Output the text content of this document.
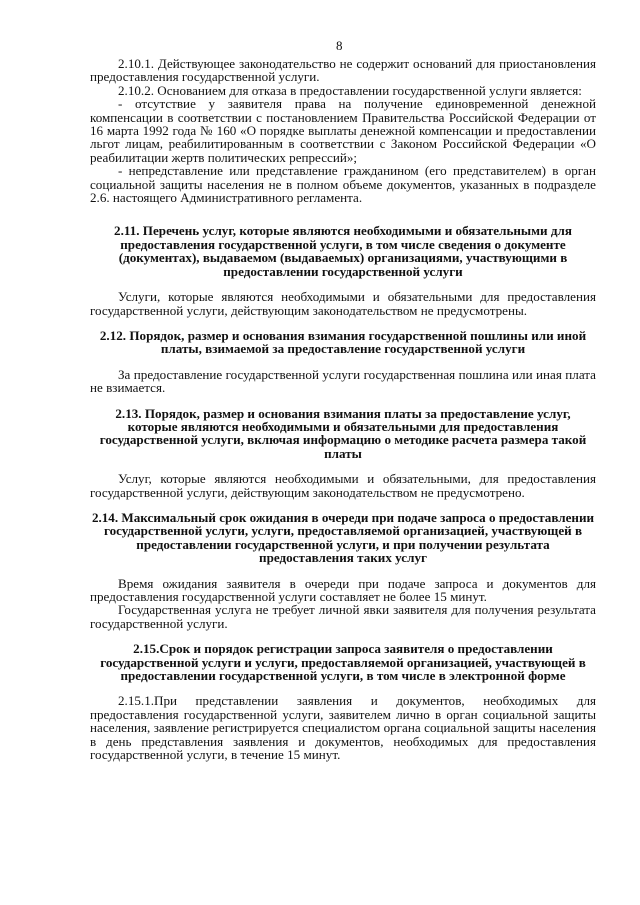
8

2.10.1. Действующее законодательство не содержит оснований для приостановления предоставления государственной услуги.

2.10.2. Основанием для отказа в предоставлении государственной услуги является:

- отсутствие у заявителя права на получение единовременной денежной компенсации в соответствии с постановлением Правительства Российской Федерации от 16 марта 1992 года № 160 «О порядке выплаты денежной компенсации и предоставлении льгот лицам, реабилитированным в соответствии с Законом Российской Федерации «О реабилитации жертв политических репрессий»;

- непредставление или представление гражданином (его представителем) в орган социальной защиты населения не в полном объеме документов, указанных в подразделе 2.6. настоящего Административного регламента.

2.11. Перечень услуг, которые являются необходимыми и обязательными для предоставления государственной услуги, в том числе сведения о документе (документах), выдаваемом (выдаваемых) организациями, участвующими в предоставлении государственной услуги

Услуги, которые являются необходимыми и обязательными для предоставления государственной услуги, действующим законодательством не предусмотрены.

2.12. Порядок, размер и основания взимания государственной пошлины или иной платы, взимаемой за предоставление государственной услуги

За предоставление государственной услуги государственная пошлина или иная плата не взимается.

2.13. Порядок, размер и основания взимания платы за предоставление услуг, которые являются необходимыми и обязательными для предоставления государственной услуги, включая информацию о методике расчета размера такой платы

Услуг, которые являются необходимыми и обязательными, для предоставления государственной услуги, действующим законодательством не предусмотрено.

2.14. Максимальный срок ожидания в очереди при подаче запроса о предоставлении государственной услуги, услуги, предоставляемой организацией, участвующей в предоставлении государственной услуги, и при получении результата предоставления таких услуг

Время ожидания заявителя в очереди при подаче запроса и документов для предоставления государственной услуги составляет не более 15 минут.

Государственная услуга не требует личной явки заявителя для получения результата государственной услуги.

2.15.Срок и порядок регистрации запроса заявителя о предоставлении государственной услуги и услуги, предоставляемой организацией, участвующей в предоставлении государственной услуги, в том числе в электронной форме

2.15.1.При представлении заявления и документов, необходимых для предоставления государственной услуги, заявителем лично в орган социальной защиты населения, заявление регистрируется специалистом органа социальной защиты населения в день представления заявления и документов, необходимых для предоставления государственной услуги, в течение 15 минут.
